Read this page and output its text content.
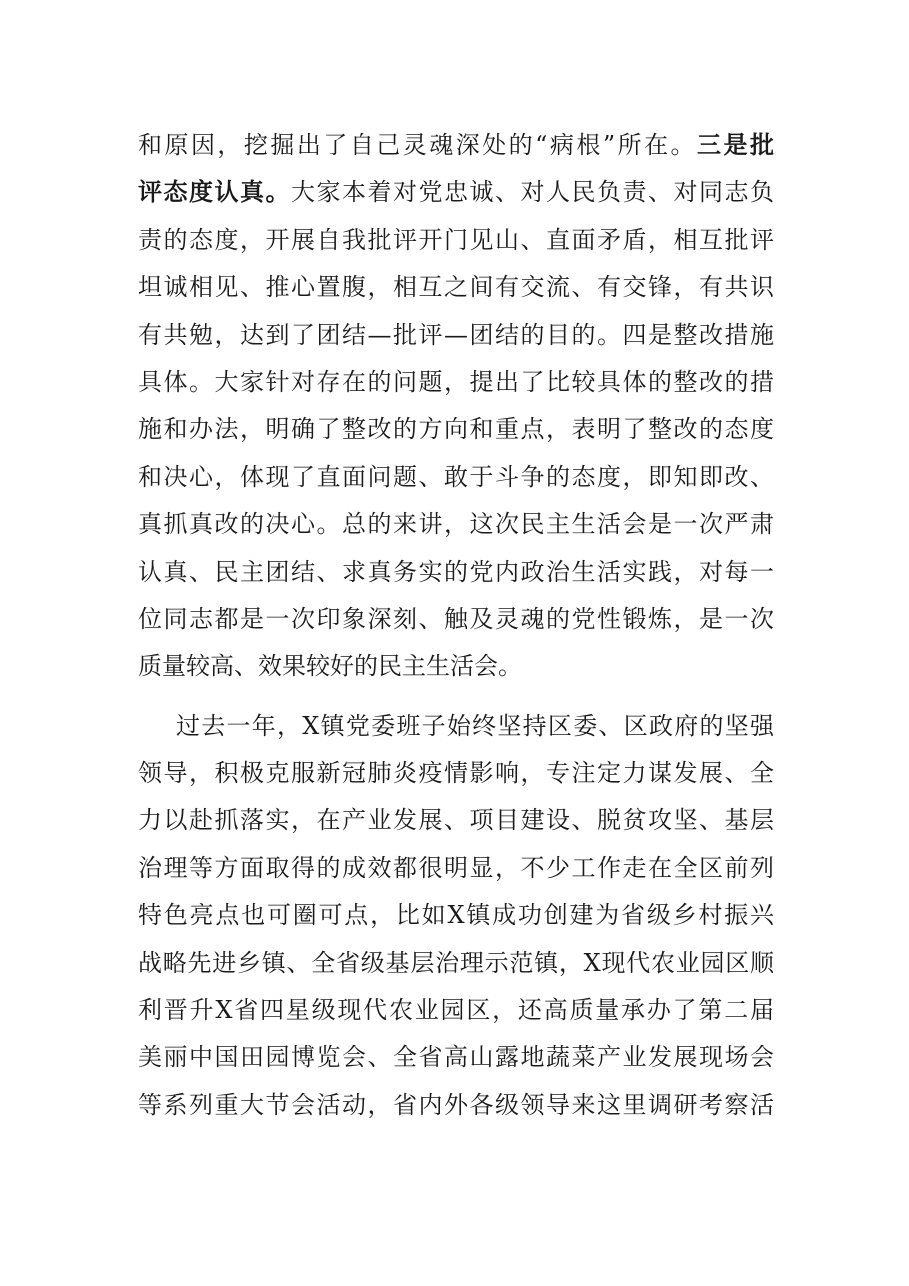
和原因，挖掘出了自己灵魂深处的“病根”所在。三是批
评态度认真。大家本着对党忠诚、对人民负责、对同志负
责的态度，开展自我批评开门见山、直面矛盾，相互批评
坦诚相见、推心置腹，相互之间有交流、有交锋，有共识
有共勉，达到了团结—批评—团结的目的。四是整改措施
具体。大家针对存在的问题，提出了比较具体的整改的措
施和办法，明确了整改的方向和重点，表明了整改的态度
和决心，体现了直面问题、敢于斗争的态度，即知即改、
真抓真改的决心。总的来讲，这次民主生活会是一次严肃
认真、民主团结、求真务实的党内政治生活实践，对每一
位同志都是一次印象深刻、触及灵魂的党性锻炼，是一次
质量较高、效果较好的民主生活会。
过去一年，X镇党委班子始终坚持区委、区政府的坚强
领导，积极克服新冠肺炎疫情影响，专注定力谋发展、全
力以赴抓落实，在产业发展、项目建设、脱贫攻坚、基层
治理等方面取得的成效都很明显，不少工作走在全区前列
特色亮点也可圈可点，比如X镇成功创建为省级乡村振兴
战略先进乡镇、全省级基层治理示范镇，X现代农业园区顺
利晋升X省四星级现代农业园区，还高质量承办了第二届
美丽中国田园博览会、全省高山露地蔬菜产业发展现场会
等系列重大节会活动，省内外各级领导来这里调研考察活
